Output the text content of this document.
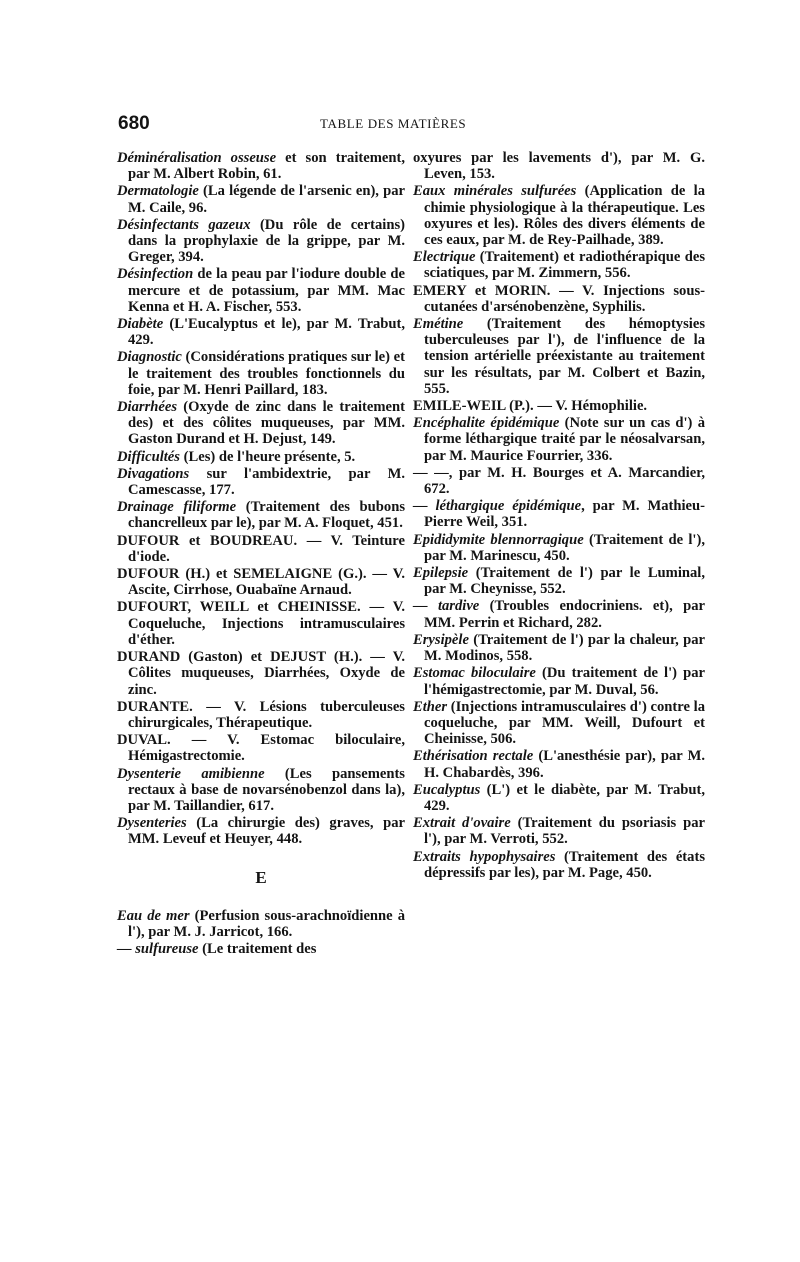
680	TABLE DES MATIÈRES

Déminéralisation osseuse et son traitement, par M. Albert Robin, 61.

Dermatologie (La légende de l'arsenic en), par M. Caile, 96.

Désinfectants gazeux (Du rôle de certains) dans la prophylaxie de la grippe, par M. Greger, 394.

Désinfection de la peau par l'iodure double de mercure et de potassium, par MM. Mac Kenna et H. A. Fischer, 553.

Diabète (L'Eucalyptus et le), par M. Trabut, 429.

Diagnostic (Considérations pratiques sur le) et le traitement des troubles fonctionnels du foie, par M. Henri Paillard, 183.

Diarrhées (Oxyde de zinc dans le traitement des) et des côlites muqueuses, par MM. Gaston Durand et H. Dejust, 149.

Difficultés (Les) de l'heure présente, 5.

Divagations sur l'ambidextrie, par M. Camescasse, 177.

Drainage filiforme (Traitement des bubons chancrelleux par le), par M. A. Floquet, 451.

DUFOUR et BOUDREAU. — V. Teinture d'iode.

DUFOUR (H.) et SEMELAIGNE (G.). — V. Ascite, Cirrhose, Ouabaïne Arnaud.

DUFOURT, WEILL et CHEINISSE. — V. Coqueluche, Injections intramusculaires d'éther.

DURAND (Gaston) et DEJUST (H.). — V. Côlites muqueuses, Diarrhées, Oxyde de zinc.

DURANTE. — V. Lésions tuberculeuses chirurgicales, Thérapeutique.

DUVAL. — V. Estomac biloculaire, Hémigastrectomie.

Dysenterie amibienne (Les pansements rectaux à base de novarsénobenzol dans la), par M. Taillandier, 617.

Dysenteries (La chirurgie des) graves, par MM. Leveuf et Heuyer, 448.

E

Eau de mer (Perfusion sous-arachnoïdienne à l'), par M. J. Jarricot, 166.

— sulfureuse (Le traitement des

oxyures par les lavements d'), par M. G. Leven, 153.

Eaux minérales sulfurées (Application de la chimie physiologique à la thérapeutique. Les oxyures et les). Rôles des divers éléments de ces eaux, par M. de Rey-Pailhade, 389.

Electrique (Traitement) et radiothérapique des sciatiques, par M. Zimmern, 556.

EMERY et MORIN. — V. Injections sous-cutanées d'arsénobenzène, Syphilis.

Emétine (Traitement des hémoptysies tuberculeuses par l'), de l'influence de la tension artérielle préexistante au traitement sur les résultats, par M. Colbert et Bazin, 555.

EMILE-WEIL (P.). — V. Hémophilie.

Encéphalite épidémique (Note sur un cas d') à forme léthargique traité par le néosalvarsan, par M. Maurice Fourrier, 336.

— —, par M. H. Bourges et A. Marcandier, 672.

— léthargique épidémique, par M. Mathieu-Pierre Weil, 351.

Epididymite blennorragique (Traitement de l'), par M. Marinescu, 450.

Epilepsie (Traitement de l') par le Luminal, par M. Cheynisse, 552.

— tardive (Troubles endocriniens. et), par MM. Perrin et Richard, 282.

Erysipèle (Traitement de l') par la chaleur, par M. Modinos, 558.

Estomac biloculaire (Du traitement de l') par l'hémigastrectomie, par M. Duval, 56.

Ether (Injections intramusculaires d') contre la coqueluche, par MM. Weill, Dufourt et Cheinisse, 506.

Ethérisation rectale (L'anesthésie par), par M. H. Chabardès, 396.

Eucalyptus (L') et le diabète, par M. Trabut, 429.

Extrait d'ovaire (Traitement du psoriasis par l'), par M. Verroti, 552.

Extraits hypophysaires (Traitement des états dépressifs par les), par M. Page, 450.
